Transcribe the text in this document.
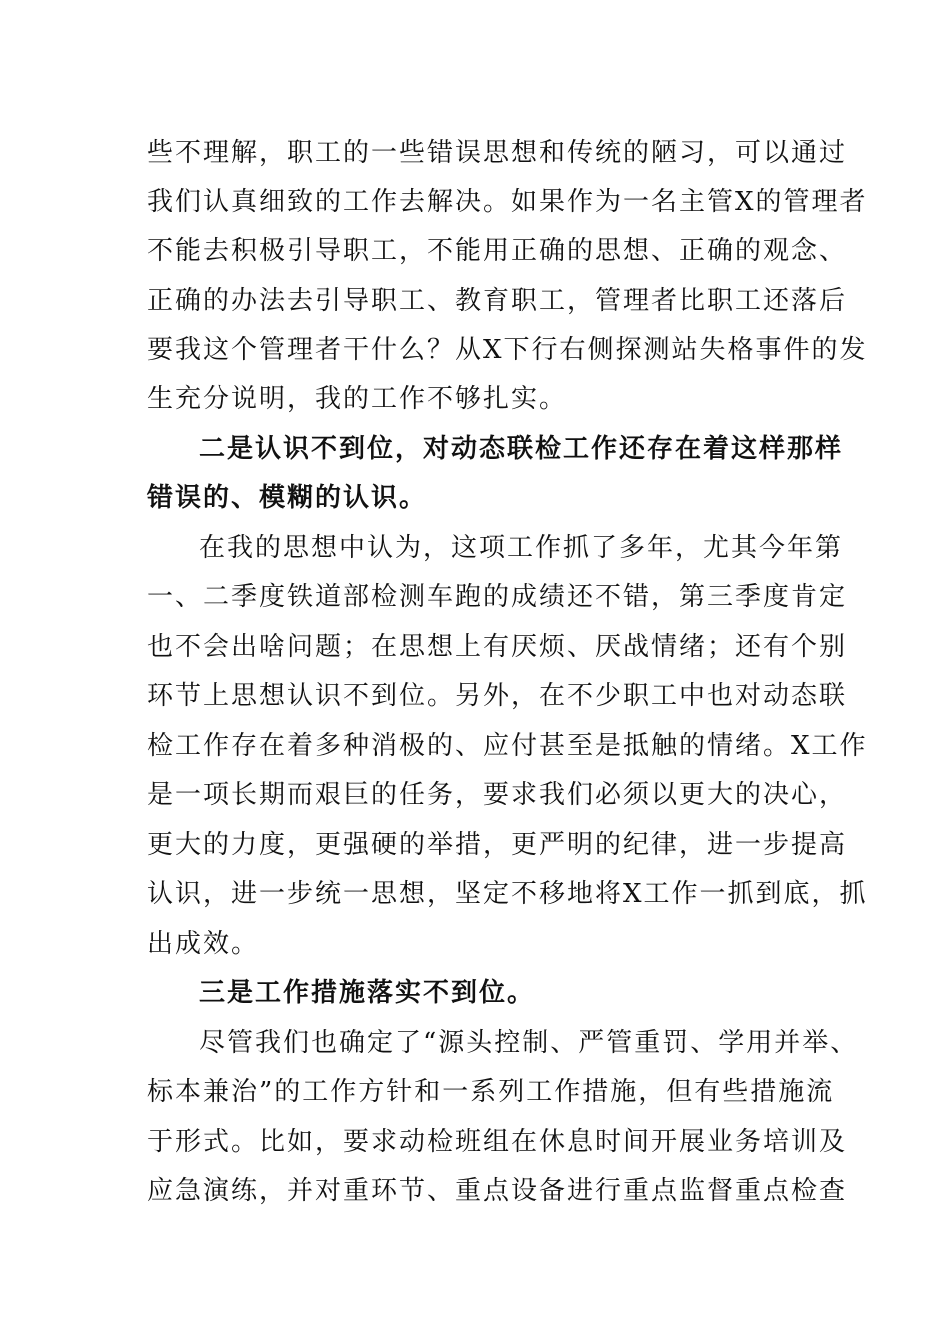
些不理解，职工的一些错误思想和传统的陋习，可以通过
我们认真细致的工作去解决。如果作为一名主管X的管理者
不能去积极引导职工，不能用正确的思想、正确的观念、
正确的办法去引导职工、教育职工，管理者比职工还落后
要我这个管理者干什么？从X下行右侧探测站失格事件的发
生充分说明，我的工作不够扎实。
二是认识不到位，对动态联检工作还存在着这样那样
错误的、模糊的认识。
在我的思想中认为，这项工作抓了多年，尤其今年第
一、二季度铁道部检测车跑的成绩还不错，第三季度肯定
也不会出啥问题；在思想上有厌烦、厌战情绪；还有个别
环节上思想认识不到位。另外，在不少职工中也对动态联
检工作存在着多种消极的、应付甚至是抵触的情绪。X工作
是一项长期而艰巨的任务，要求我们必须以更大的决心，
更大的力度，更强硬的举措，更严明的纪律，进一步提高
认识，进一步统一思想，坚定不移地将X工作一抓到底，抓
出成效。
三是工作措施落实不到位。
尽管我们也确定了“源头控制、严管重罚、学用并举、
标本兼治”的工作方针和一系列工作措施，但有些措施流
于形式。比如，要求动检班组在休息时间开展业务培训及
应急演练，并对重环节、重点设备进行重点监督重点检查
